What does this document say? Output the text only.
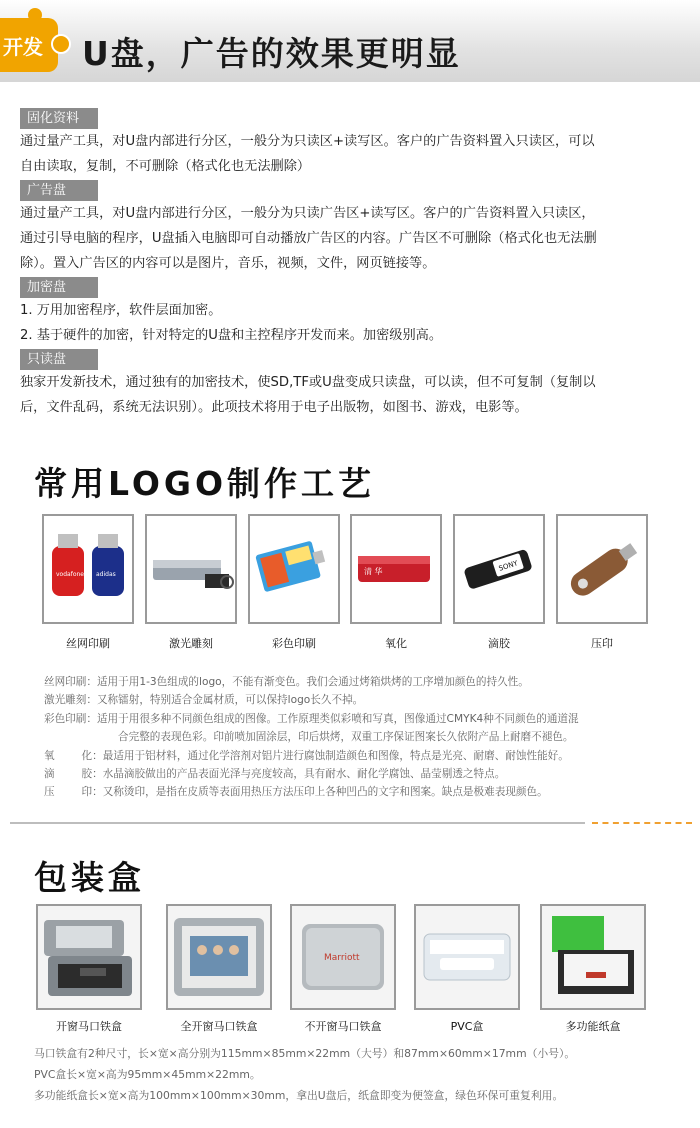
开发 U盘，广告的效果更明显
固化资料
通过量产工具，对U盘内部进行分区，一般分为只读区+读写区。客户的广告资料置入只读区，可以
自由读取，复制，不可删除（格式化也无法删除）
广告盘
通过量产工具，对U盘内部进行分区，一般分为只读广告区+读写区。客户的广告资料置入只读区，
通过引导电脑的程序，U盘插入电脑即可自动播放广告区的内容。广告区不可删除（格式化也无法删
除）。置入广告区的内容可以是图片，音乐，视频，文件，网页链接等。
加密盘
1. 万用加密程序，软件层面加密。
2. 基于硬件的加密，针对特定的U盘和主控程序开发而来。加密级别高。
只读盘
独家开发新技术，通过独有的加密技术，使SD,TF或U盘变成只读盘，可以读，但不可复制（复制以
后，文件乱码，系统无法识别）。此项技术将用于电子出版物，如图书、游戏，电影等。
常用LOGO制作工艺
vodafone adidas
丝网印刷	激光雕刻	彩色印刷
清 华
氧化
SONY
滴胶	压印
丝网印刷：适用于用1-3色组成的logo，不能有渐变色。我们会通过烤箱烘烤的工序增加颜色的持久性。
激光雕刻：又称镭射，特别适合金属材质，可以保持logo长久不掉。
彩色印刷：适用于用很多种不同颜色组成的图像。工作原理类似彩喷和写真，图像通过CMYK4种不同颜色的通道混
合完整的表现色彩。印前喷加固涂层，印后烘烤，双重工序保证图案长久依附产品上耐磨不褪色。
氧        化：最适用于铝材料，通过化学溶剂对铝片进行腐蚀制造颜色和图像，特点是光亮、耐磨、耐蚀性能好。
滴        胶：水晶滴胶做出的产品表面光泽与亮度较高，具有耐水、耐化学腐蚀、晶莹剔透之特点。
压        印：又称烫印，是指在皮质等表面用热压方法压印上各种凹凸的文字和图案。缺点是极难表现颜色。
包装盒
开窗马口铁盒	全开窗马口铁盒
Marriott
不开窗马口铁盒	PVC盒	多功能纸盒
马口铁盒有2种尺寸，长×宽×高分别为115mm×85mm×22mm（大号）和87mm×60mm×17mm（小号）。
PVC盒长×宽×高为95mm×45mm×22mm。
多功能纸盒长×宽×高为100mm×100mm×30mm，拿出U盘后，纸盒即变为便签盒，绿色环保可重复利用。
